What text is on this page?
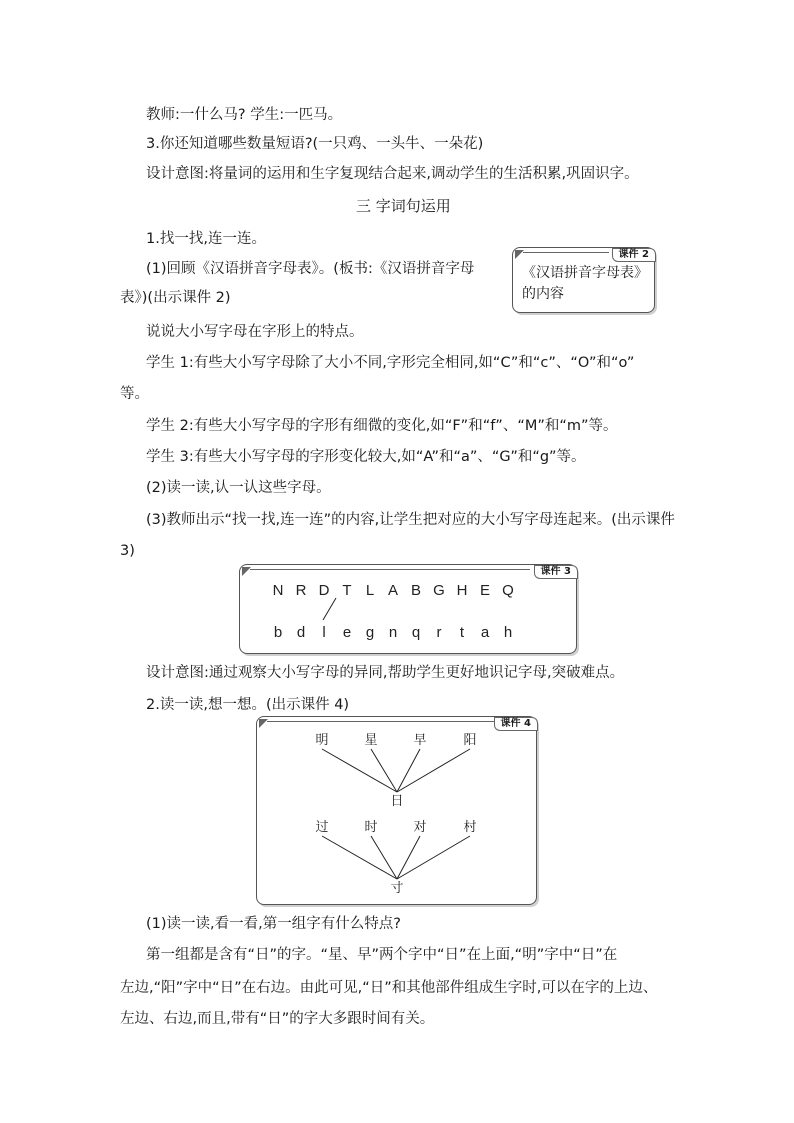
教师:一什么马? 学生:一匹马。
3.你还知道哪些数量短语?(一只鸡、一头牛、一朵花)
设计意图:将量词的运用和生字复现结合起来,调动学生的生活积累,巩固识字。
三 字词句运用
1.找一找,连一连。
(1)回顾《汉语拼音字母表》。(板书:《汉语拼音字母
表》)(出示课件 2)
课件 2
《汉语拼音字母表》
的内容
说说大小写字母在字形上的特点。
学生 1:有些大小写字母除了大小不同,字形完全相同,如“C”和“c”、“O”和“o”
等。
学生 2:有些大小写字母的字形有细微的变化,如“F”和“f”、“M”和“m”等。
学生 3:有些大小写字母的字形变化较大,如“A”和“a”、“G”和“g”等。
(2)读一读,认一认这些字母。
(3)教师出示“找一找,连一连”的内容,让学生把对应的大小写字母连起来。(出示课件
3)
课件 3
N R D T L A B G H E Q
b d l e g n q r t a h
设计意图:通过观察大小写字母的异同,帮助学生更好地识记字母,突破难点。
2.读一读,想一想。(出示课件 4)
课件 4
明	星	早	阳
日
过	时	对	村
寸
(1)读一读,看一看,第一组字有什么特点?
第一组都是含有“日”的字。“星、早”两个字中“日”在上面,“明”字中“日”在
左边,“阳”字中“日”在右边。由此可见,“日”和其他部件组成生字时,可以在字的上边、
左边、右边,而且,带有“日”的字大多跟时间有关。
